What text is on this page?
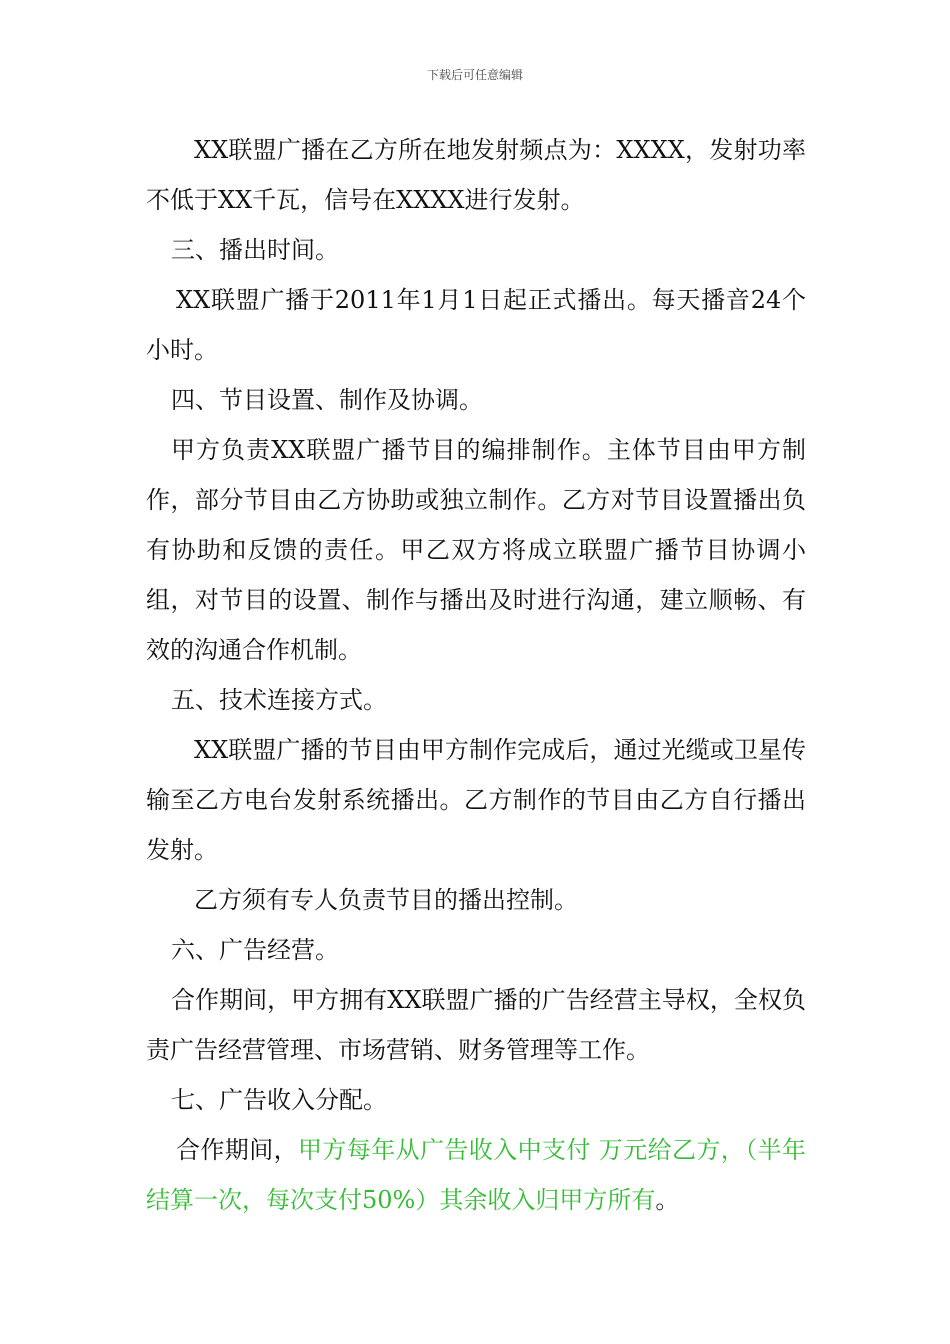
下载后可任意编辑

XX联盟广播在乙方所在地发射频点为：XXXX，发射功率不低于XX千瓦，信号在XXXX进行发射。

三、播出时间。

XX联盟广播于2011年1月1日起正式播出。每天播音24个小时。

四、节目设置、制作及协调。

甲方负责XX联盟广播节目的编排制作。主体节目由甲方制作，部分节目由乙方协助或独立制作。乙方对节目设置播出负有协助和反馈的责任。甲乙双方将成立联盟广播节目协调小组，对节目的设置、制作与播出及时进行沟通，建立顺畅、有效的沟通合作机制。

五、技术连接方式。

XX联盟广播的节目由甲方制作完成后，通过光缆或卫星传输至乙方电台发射系统播出。乙方制作的节目由乙方自行播出发射。

乙方须有专人负责节目的播出控制。

六、广告经营。

合作期间，甲方拥有XX联盟广播的广告经营主导权，全权负责广告经营管理、市场营销、财务管理等工作。

七、广告收入分配。

合作期间，甲方每年从广告收入中支付 万元给乙方，（半年结算一次，每次支付50%）其余收入归甲方所有。
